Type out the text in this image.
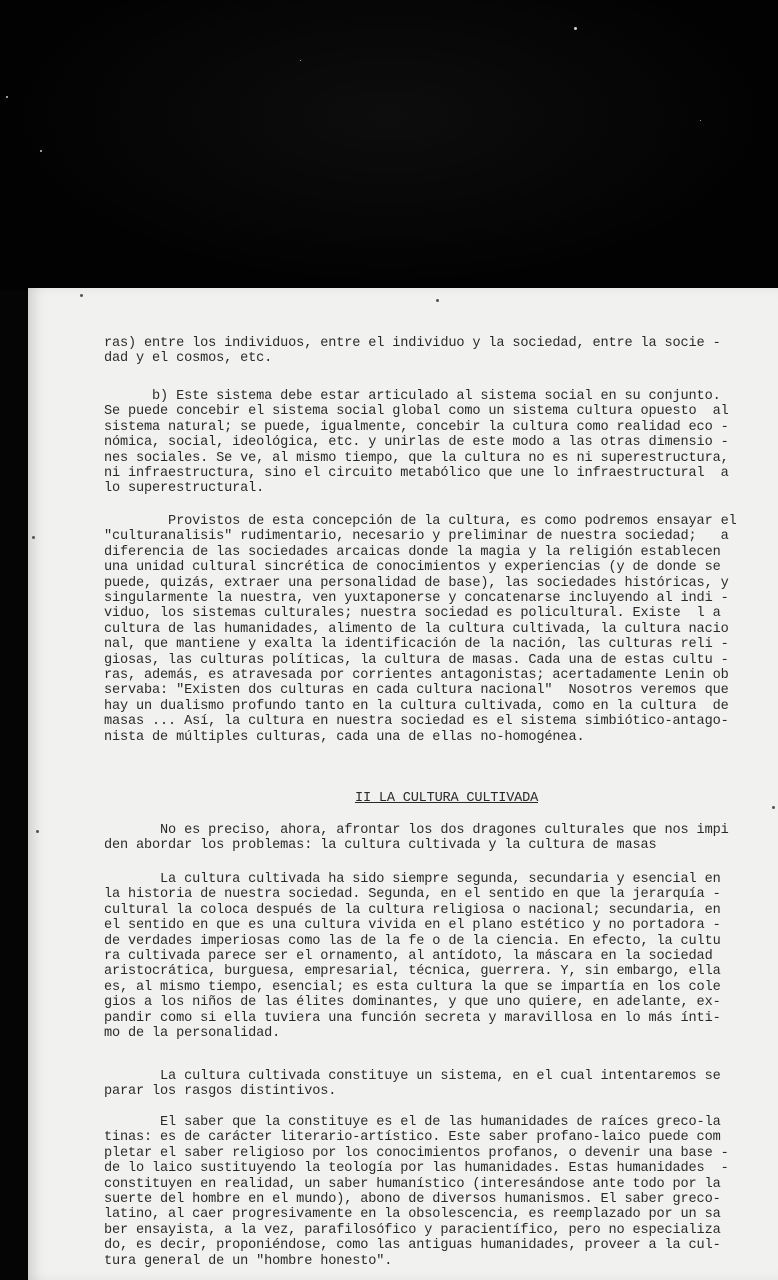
ras) entre los individuos, entre el individuo y la sociedad, entre la socie -

dad y el cosmos, etc.

b) Este sistema debe estar articulado al sistema social en su conjunto.

Se puede concebir el sistema social global como un sistema cultura opuesto  al

sistema natural; se puede, igualmente, concebir la cultura como realidad eco -

nómica, social, ideológica, etc. y unirlas de este modo a las otras dimensio -

nes sociales. Se ve, al mismo tiempo, que la cultura no es ni superestructura,

ni infraestructura, sino el circuito metabólico que une lo infraestructural  a

lo superestructural.

Provistos de esta concepción de la cultura, es como podremos ensayar el

"culturanalisis" rudimentario, necesario y preliminar de nuestra sociedad;   a

diferencia de las sociedades arcaicas donde la magia y la religión establecen

una unidad cultural sincrética de conocimientos y experiencias (y de donde se

puede, quizás, extraer una personalidad de base), las sociedades históricas, y

singularmente la nuestra, ven yuxtaponerse y concatenarse incluyendo al indi -

viduo, los sistemas culturales; nuestra sociedad es policultural. Existe  l a

cultura de las humanidades, alimento de la cultura cultivada, la cultura nacio

nal, que mantiene y exalta la identificación de la nación, las culturas reli -

giosas, las culturas políticas, la cultura de masas. Cada una de estas cultu -

ras, además, es atravesada por corrientes antagonistas; acertadamente Lenin ob

servaba: "Existen dos culturas en cada cultura nacional"  Nosotros veremos que

hay un dualismo profundo tanto en la cultura cultivada, como en la cultura  de

masas ... Así, la cultura en nuestra sociedad es el sistema simbiótico-antago-

nista de múltiples culturas, cada una de ellas no-homogénea.

II LA CULTURA CULTIVADA

No es preciso, ahora, afrontar los dos dragones culturales que nos impi

den abordar los problemas: la cultura cultivada y la cultura de masas

La cultura cultivada ha sido siempre segunda, secundaria y esencial en

la historia de nuestra sociedad. Segunda, en el sentido en que la jerarquía -

cultural la coloca después de la cultura religiosa o nacional; secundaria, en

el sentido en que es una cultura vivida en el plano estético y no portadora -

de verdades imperiosas como las de la fe o de la ciencia. En efecto, la cultu

ra cultivada parece ser el ornamento, al antídoto, la máscara en la sociedad

aristocrática, burguesa, empresarial, técnica, guerrera. Y, sin embargo, ella

es, al mismo tiempo, esencial; es esta cultura la que se impartía en los cole

gios a los niños de las élites dominantes, y que uno quiere, en adelante, ex-

pandir como si ella tuviera una función secreta y maravillosa en lo más ínti-

mo de la personalidad.

La cultura cultivada constituye un sistema, en el cual intentaremos se

parar los rasgos distintivos.

El saber que la constituye es el de las humanidades de raíces greco-la

tinas: es de carácter literario-artístico. Este saber profano-laico puede com

pletar el saber religioso por los conocimientos profanos, o devenir una base -

de lo laico sustituyendo la teología por las humanidades. Estas humanidades  -

constituyen en realidad, un saber humanístico (interesándose ante todo por la

suerte del hombre en el mundo), abono de diversos humanismos. El saber greco-

latino, al caer progresivamente en la obsolescencia, es reemplazado por un sa

ber ensayista, a la vez, parafilosófico y paracientífico, pero no especializa

do, es decir, proponiéndose, como las antiguas humanidades, proveer a la cul-

tura general de un "hombre honesto".
